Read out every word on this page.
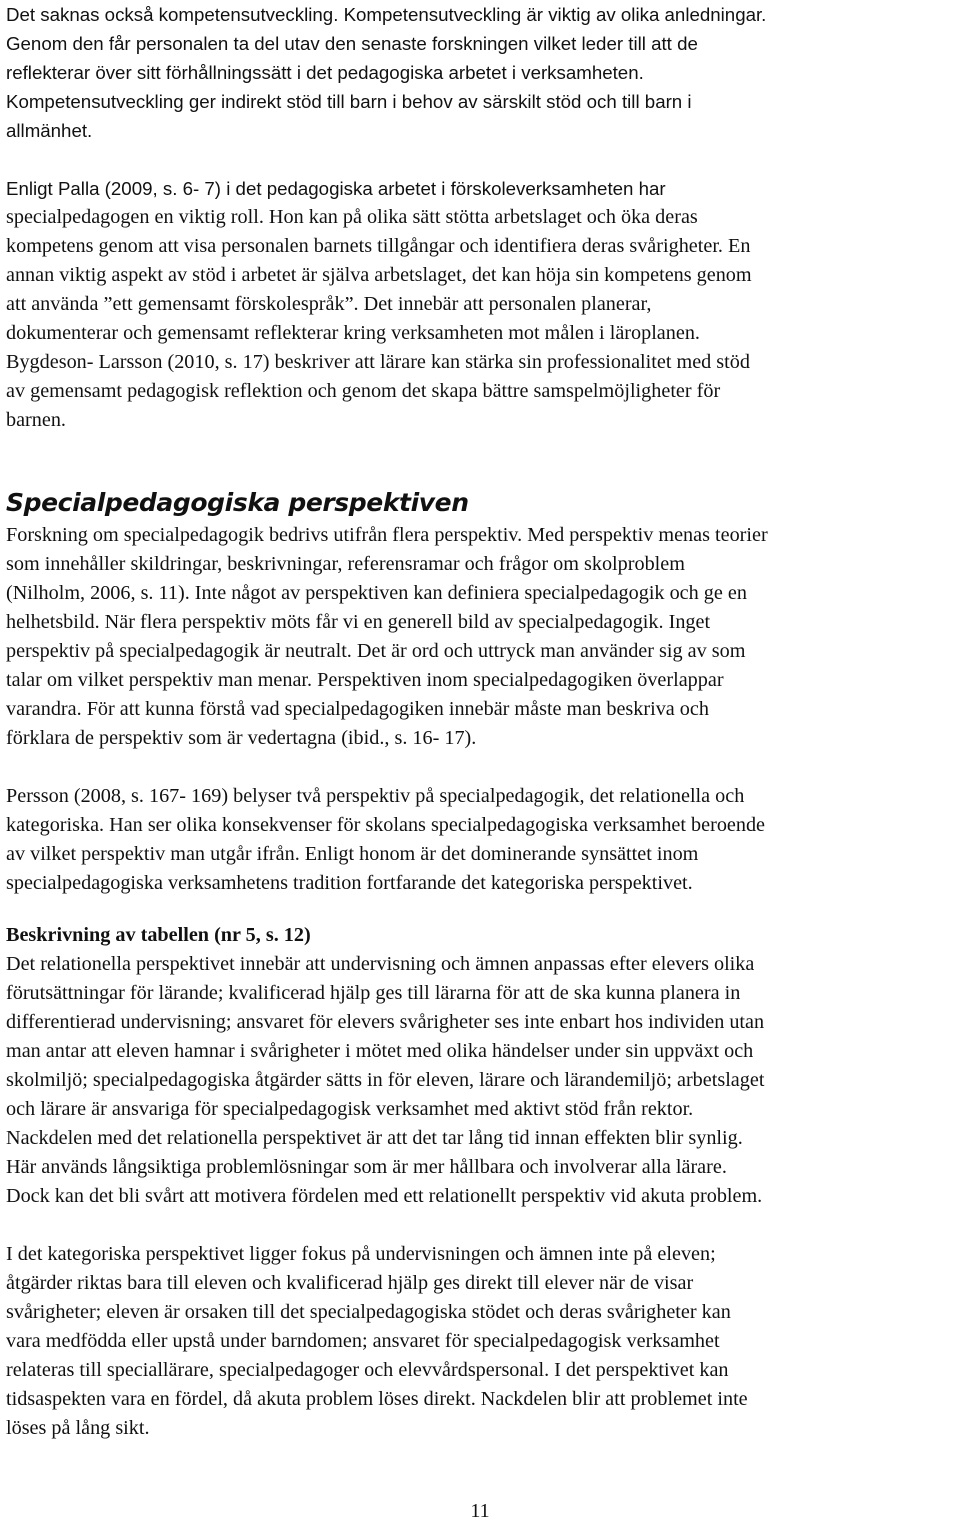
Det saknas också kompetensutveckling. Kompetensutveckling är viktig av olika anledningar.
Genom den får personalen ta del utav den senaste forskningen vilket leder till att de
reflekterar över sitt förhållningssätt i det pedagogiska arbetet i verksamheten.
Kompetensutveckling ger indirekt stöd till barn i behov av särskilt stöd och till barn i
allmänhet.
Enligt Palla (2009, s. 6- 7) i det pedagogiska arbetet i förskoleverksamheten har
specialpedagogen en viktig roll. Hon kan på olika sätt stötta arbetslaget och öka deras
kompetens genom att visa personalen barnets tillgångar och identifiera deras svårigheter. En
annan viktig aspekt av stöd i arbetet är själva arbetslaget, det kan höja sin kompetens genom
att använda ”ett gemensamt förskolespråk”. Det innebär att personalen planerar,
dokumenterar och gemensamt reflekterar kring verksamheten mot målen i läroplanen.
Bygdeson- Larsson (2010, s. 17) beskriver att lärare kan stärka sin professionalitet med stöd
av gemensamt pedagogisk reflektion och genom det skapa bättre samspelmöjligheter för
barnen.
Specialpedagogiska perspektiven
Forskning om specialpedagogik bedrivs utifrån flera perspektiv. Med perspektiv menas teorier
som innehåller skildringar, beskrivningar, referensramar och frågor om skolproblem
(Nilholm, 2006, s. 11). Inte något av perspektiven kan definiera specialpedagogik och ge en
helhetsbild. När flera perspektiv möts får vi en generell bild av specialpedagogik. Inget
perspektiv på specialpedagogik är neutralt. Det är ord och uttryck man använder sig av som
talar om vilket perspektiv man menar. Perspektiven inom specialpedagogiken överlappar
varandra. För att kunna förstå vad specialpedagogiken innebär måste man beskriva och
förklara de perspektiv som är vedertagna (ibid., s. 16- 17).
Persson (2008, s. 167- 169) belyser två perspektiv på specialpedagogik, det relationella och
kategoriska. Han ser olika konsekvenser för skolans specialpedagogiska verksamhet beroende
av vilket perspektiv man utgår ifrån. Enligt honom är det dominerande synsättet inom
specialpedagogiska verksamhetens tradition fortfarande det kategoriska perspektivet.
Beskrivning av tabellen (nr 5, s. 12)
Det relationella perspektivet innebär att undervisning och ämnen anpassas efter elevers olika
förutsättningar för lärande; kvalificerad hjälp ges till lärarna för att de ska kunna planera in
differentierad undervisning; ansvaret för elevers svårigheter ses inte enbart hos individen utan
man antar att eleven hamnar i svårigheter i mötet med olika händelser under sin uppväxt och
skolmiljö; specialpedagogiska åtgärder sätts in för eleven, lärare och lärandemiljö; arbetslaget
och lärare är ansvariga för specialpedagogisk verksamhet med aktivt stöd från rektor.
Nackdelen med det relationella perspektivet är att det tar lång tid innan effekten blir synlig.
Här används långsiktiga problemlösningar som är mer hållbara och involverar alla lärare.
Dock kan det bli svårt att motivera fördelen med ett relationellt perspektiv vid akuta problem.
I det kategoriska perspektivet ligger fokus på undervisningen och ämnen inte på eleven;
åtgärder riktas bara till eleven och kvalificerad hjälp ges direkt till elever när de visar
svårigheter; eleven är orsaken till det specialpedagogiska stödet och deras svårigheter kan
vara medfödda eller upstå under barndomen; ansvaret för specialpedagogisk verksamhet
relateras till speciallärare, specialpedagoger och elevvårdspersonal. I det perspektivet kan
tidsaspekten vara en fördel, då akuta problem löses direkt. Nackdelen blir att problemet inte
löses på lång sikt.
11
